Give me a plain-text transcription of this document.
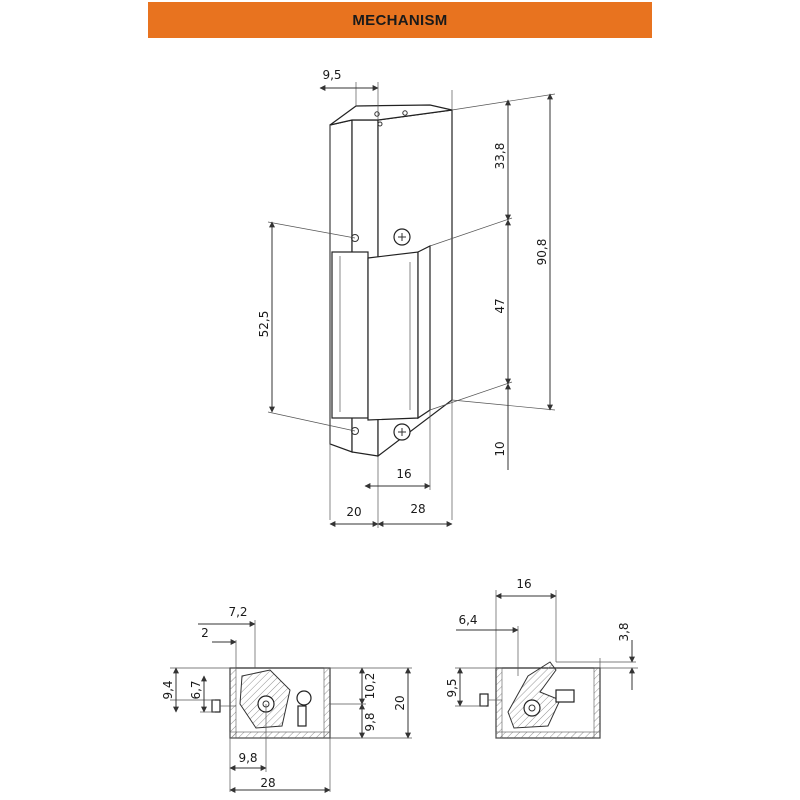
MECHANISM
9,5
90,8
33,8
47
10
52,5
16
20	28
7,2
2
9,4 6,7	10,2
9,8
20
9,8
28
16
6,4
3,8
9,5
